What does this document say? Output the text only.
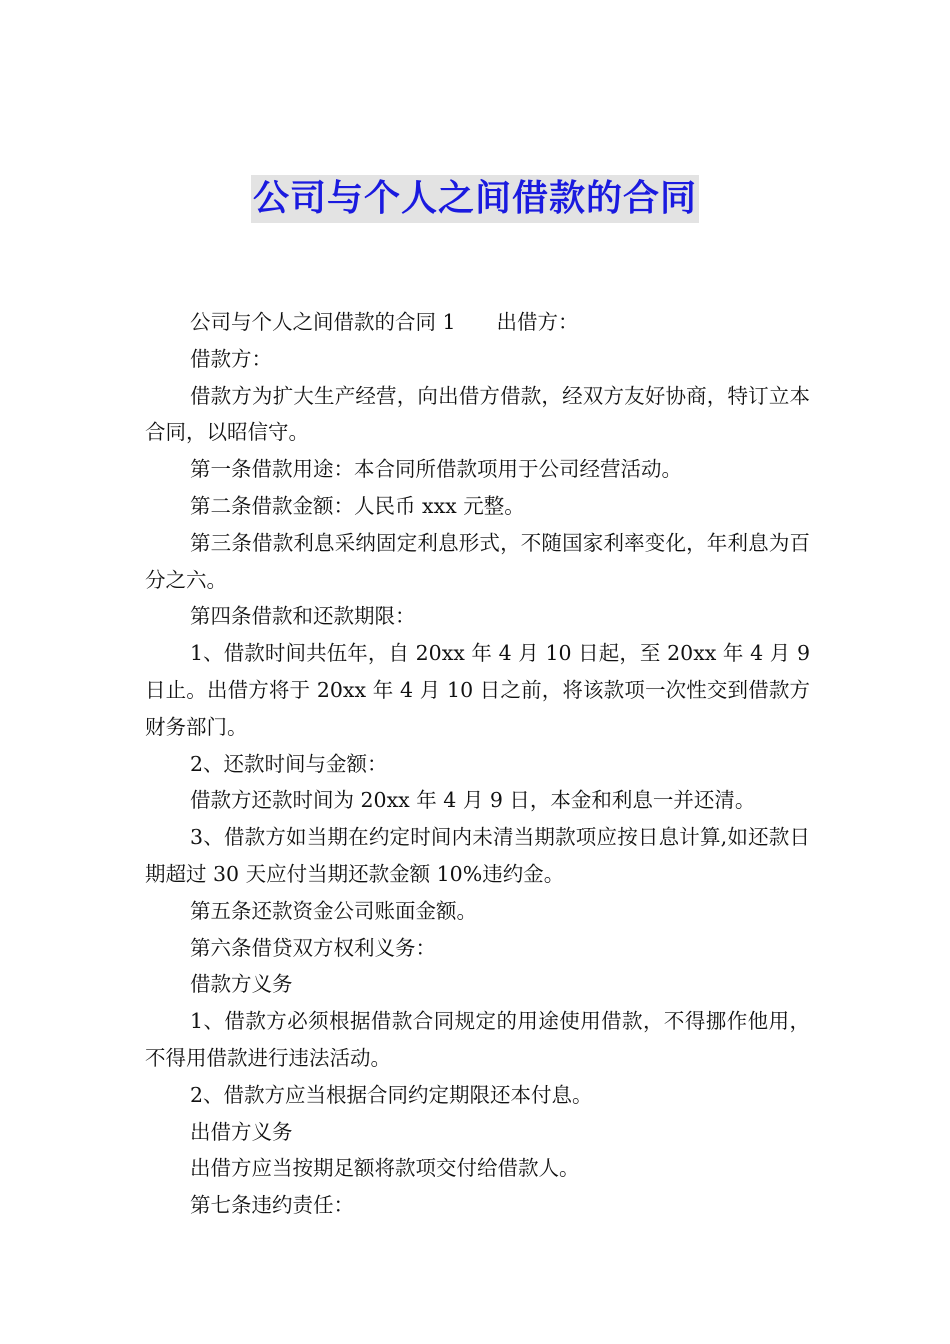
公司与个人之间借款的合同

公司与个人之间借款的合同 1　　出借方：

借款方：

借款方为扩大生产经营，向出借方借款，经双方友好协商，特订立本合同，以昭信守。

第一条借款用途：本合同所借款项用于公司经营活动。

第二条借款金额：人民币 xxx 元整。

第三条借款利息采纳固定利息形式，不随国家利率变化，年利息为百分之六。

第四条借款和还款期限：

1、借款时间共伍年，自 20xx 年 4 月 10 日起，至 20xx 年 4 月 9 日止。出借方将于 20xx 年 4 月 10 日之前，将该款项一次性交到借款方财务部门。

2、还款时间与金额：

借款方还款时间为 20xx 年 4 月 9 日，本金和利息一并还清。

3、借款方如当期在约定时间内未清当期款项应按日息计算,如还款日期超过 30 天应付当期还款金额 10%违约金。

第五条还款资金公司账面金额。

第六条借贷双方权利义务：

借款方义务

1、借款方必须根据借款合同规定的用途使用借款，不得挪作他用，不得用借款进行违法活动。

2、借款方应当根据合同约定期限还本付息。

出借方义务

出借方应当按期足额将款项交付给借款人。

第七条违约责任：
